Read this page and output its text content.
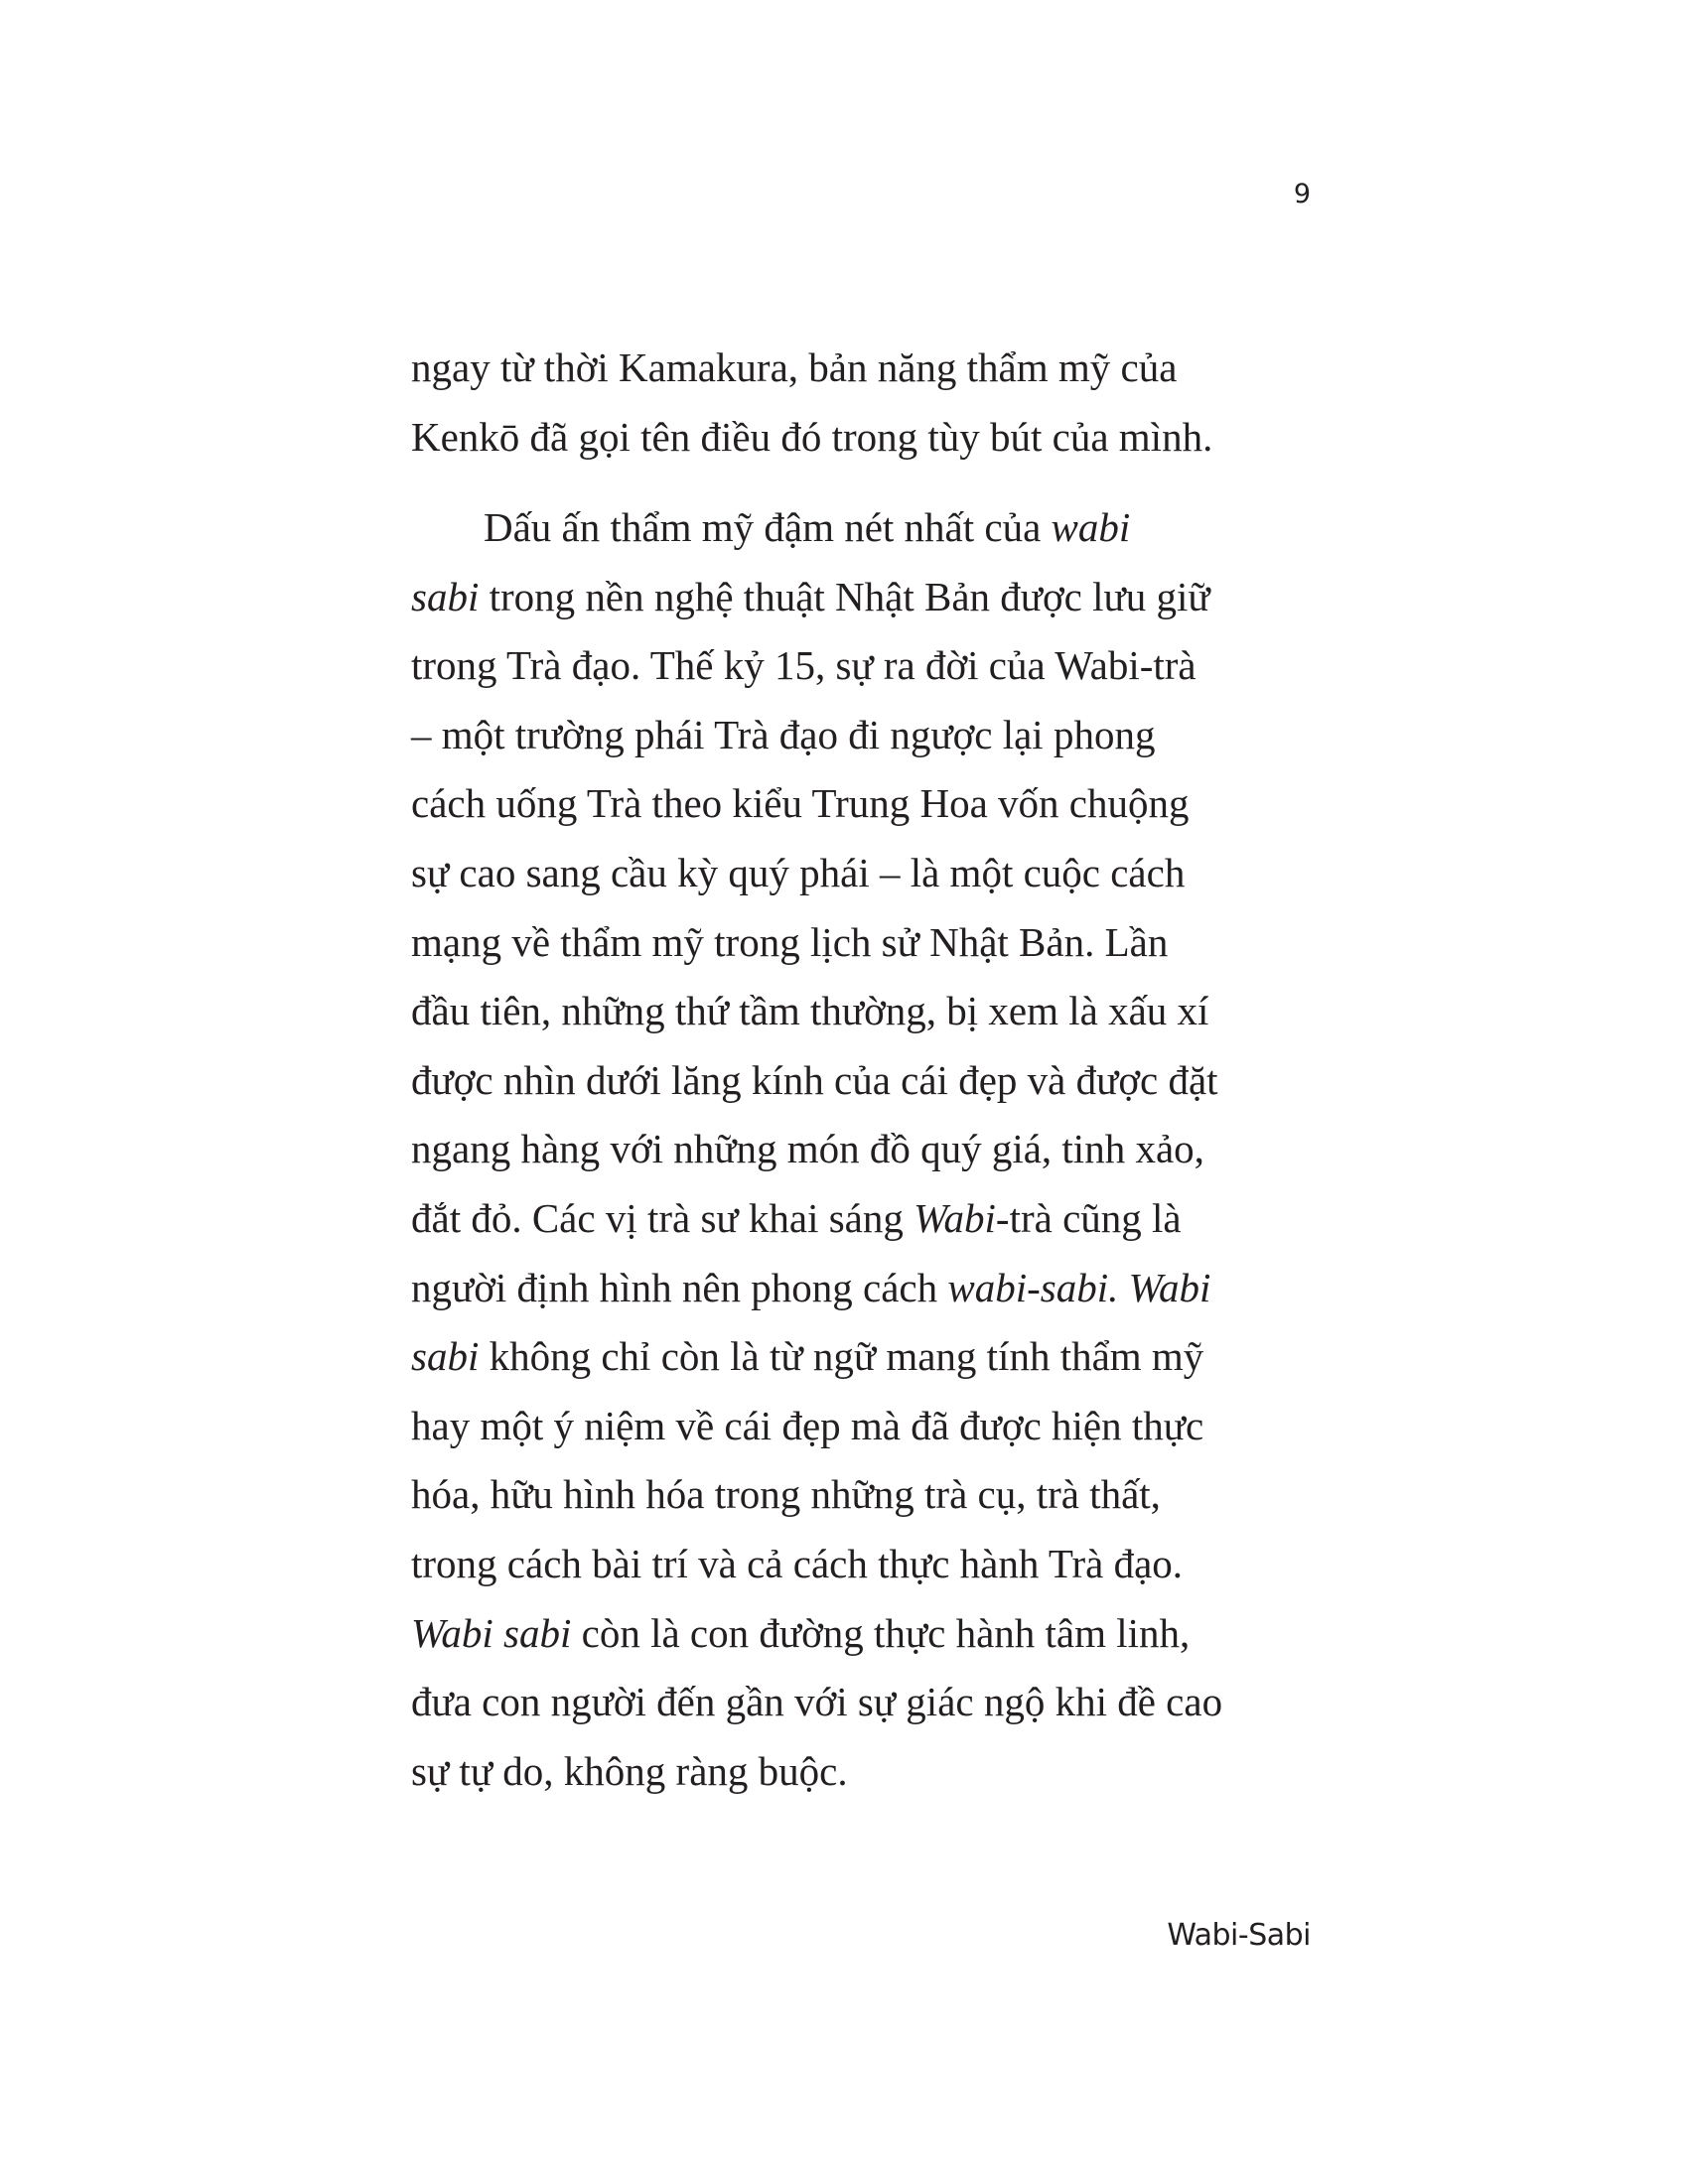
9
ngay từ thời Kamakura, bản năng thẩm mỹ của
Kenkō đã gọi tên điều đó trong tùy bút của mình.
Dấu ấn thẩm mỹ đậm nét nhất của wabi
sabi trong nền nghệ thuật Nhật Bản được lưu giữ
trong Trà đạo. Thế kỷ 15, sự ra đời của Wabi-trà
– một trường phái Trà đạo đi ngược lại phong
cách uống Trà theo kiểu Trung Hoa vốn chuộng
sự cao sang cầu kỳ quý phái – là một cuộc cách
mạng về thẩm mỹ trong lịch sử Nhật Bản. Lần
đầu tiên, những thứ tầm thường, bị xem là xấu xí
được nhìn dưới lăng kính của cái đẹp và được đặt
ngang hàng với những món đồ quý giá, tinh xảo,
đắt đỏ. Các vị trà sư khai sáng Wabi-trà cũng là
người định hình nên phong cách wabi-sabi. Wabi
sabi không chỉ còn là từ ngữ mang tính thẩm mỹ
hay một ý niệm về cái đẹp mà đã được hiện thực
hóa, hữu hình hóa trong những trà cụ, trà thất,
trong cách bài trí và cả cách thực hành Trà đạo.
Wabi sabi còn là con đường thực hành tâm linh,
đưa con người đến gần với sự giác ngộ khi đề cao
sự tự do, không ràng buộc.
Wabi-Sabi
